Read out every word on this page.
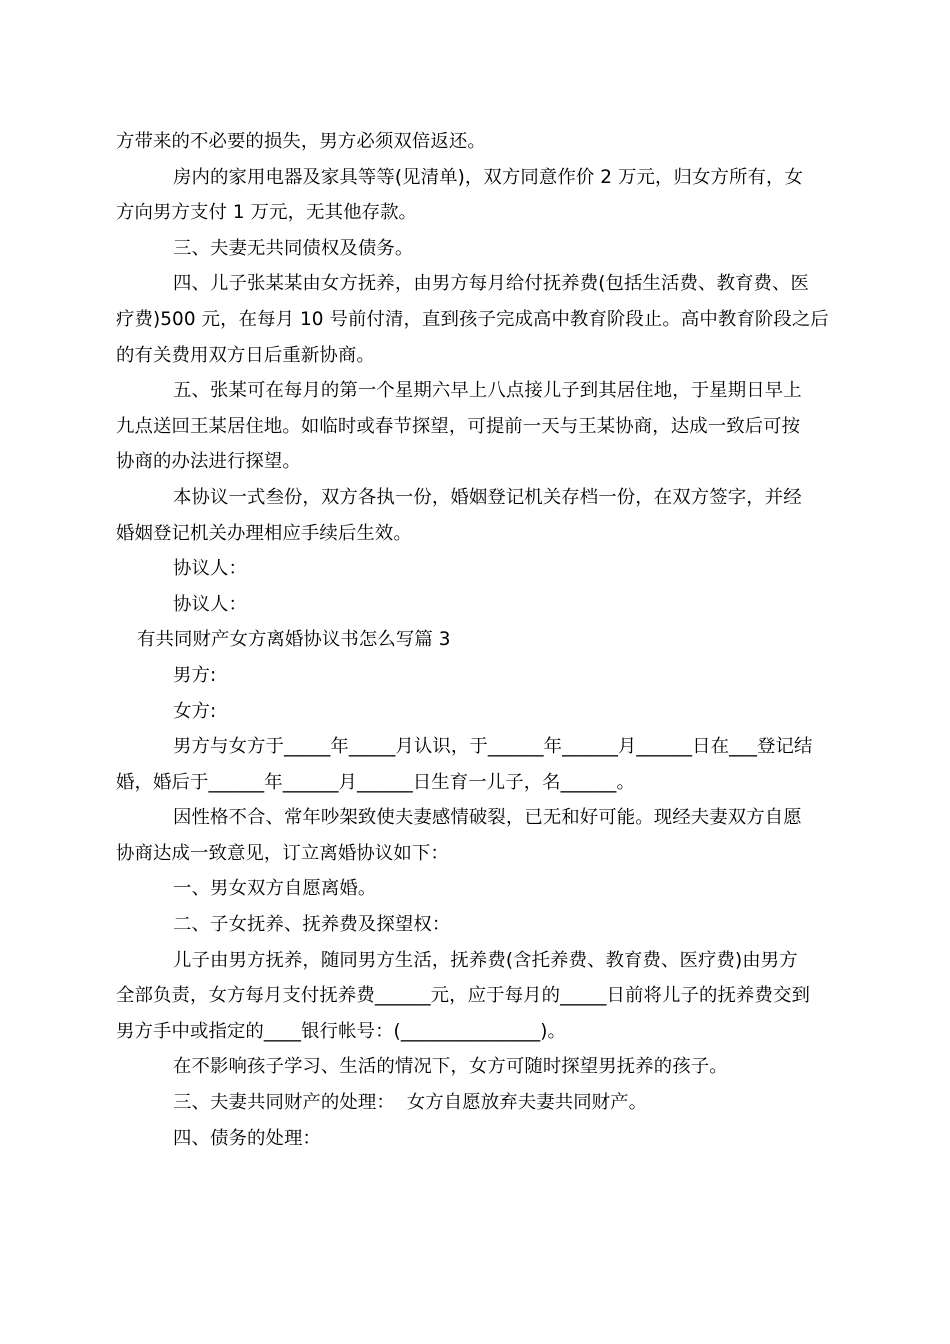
方带来的不必要的损失，男方必须双倍返还。
房内的家用电器及家具等等(见清单)，双方同意作价 2 万元，归女方所有，女
方向男方支付 1 万元，无其他存款。
三、夫妻无共同债权及债务。
四、儿子张某某由女方抚养，由男方每月给付抚养费(包括生活费、教育费、医
疗费)500 元，在每月 10 号前付清，直到孩子完成高中教育阶段止。高中教育阶段之后
的有关费用双方日后重新协商。
五、张某可在每月的第一个星期六早上八点接儿子到其居住地，于星期日早上
九点送回王某居住地。如临时或春节探望，可提前一天与王某协商，达成一致后可按
协商的办法进行探望。
本协议一式叁份，双方各执一份，婚姻登记机关存档一份，在双方签字，并经
婚姻登记机关办理相应手续后生效。
协议人：
协议人：
有共同财产女方离婚协议书怎么写篇 3
男方:
女方:
男方与女方于_____年_____月认识，于______年______月______日在___登记结
婚，婚后于______年______月______日生育一儿子，名______。
因性格不合、常年吵架致使夫妻感情破裂，已无和好可能。现经夫妻双方自愿
协商达成一致意见，订立离婚协议如下：
一、男女双方自愿离婚。
二、子女抚养、抚养费及探望权：
儿子由男方抚养，随同男方生活，抚养费(含托养费、教育费、医疗费)由男方
全部负责，女方每月支付抚养费______元，应于每月的_____日前将儿子的抚养费交到
男方手中或指定的____银行帐号：(_______________)。
在不影响孩子学习、生活的情况下，女方可随时探望男抚养的孩子。
三、夫妻共同财产的处理：  女方自愿放弃夫妻共同财产。
四、债务的处理：
